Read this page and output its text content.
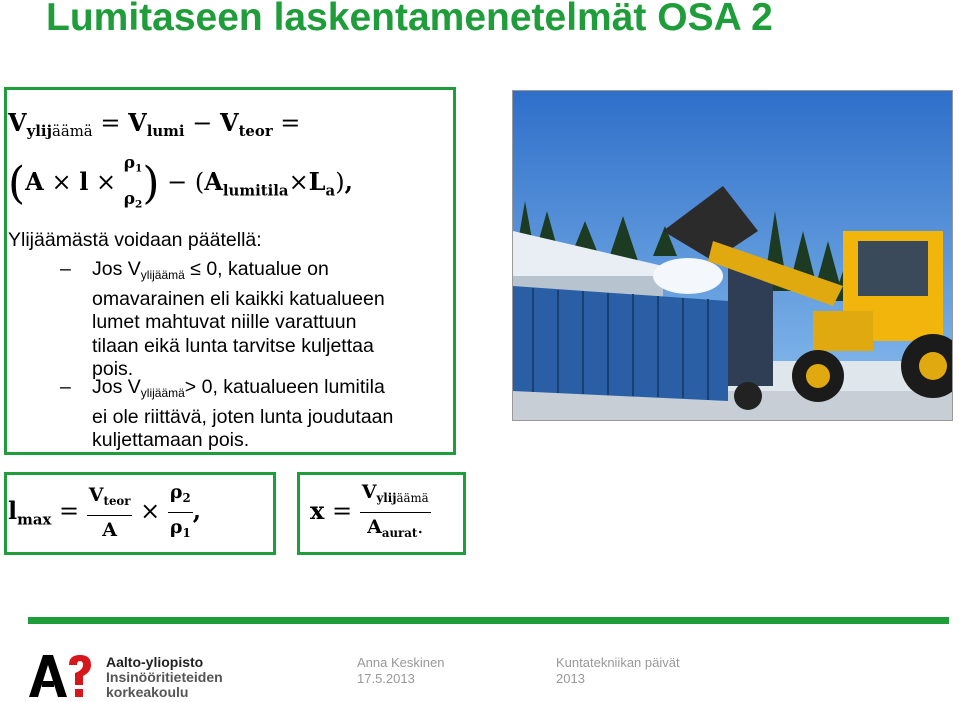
Lumitaseen laskentamenetelmät OSA 2
$V_{ylijäämä} = V_{lumi} - V_{teor}$ =
(A × l ×
$\rho_1$
$\rho_2$ ) − $(A_{lumitila}\times L_a)$,
Ylijäämästä voidaan päätellä:
– Jos $V_{ylijäämä} \le 0$, katualue on
omavarainen eli kaikki katualueen
lumet mahtuvat niille varattuun
tilaan eikä lunta tarvitse kuljettaa
pois.
– Jos $V_{ylijäämä}> 0$, katualueen lumitila
ei ole riittävä, joten lunta joudutaan
kuljettamaan pois.
$l_{max} = \frac{V_{teor}}{A} \times \frac{\rho_2}{\rho_1}$ ,	$x = \frac{V_{ylijäämä}}{A_{aurat}.}$
Aalto-yliopisto
Insinööritieteiden
korkeakoulu
Anna Keskinen
17.5.2013
Kuntatekniikan päivät
2013
